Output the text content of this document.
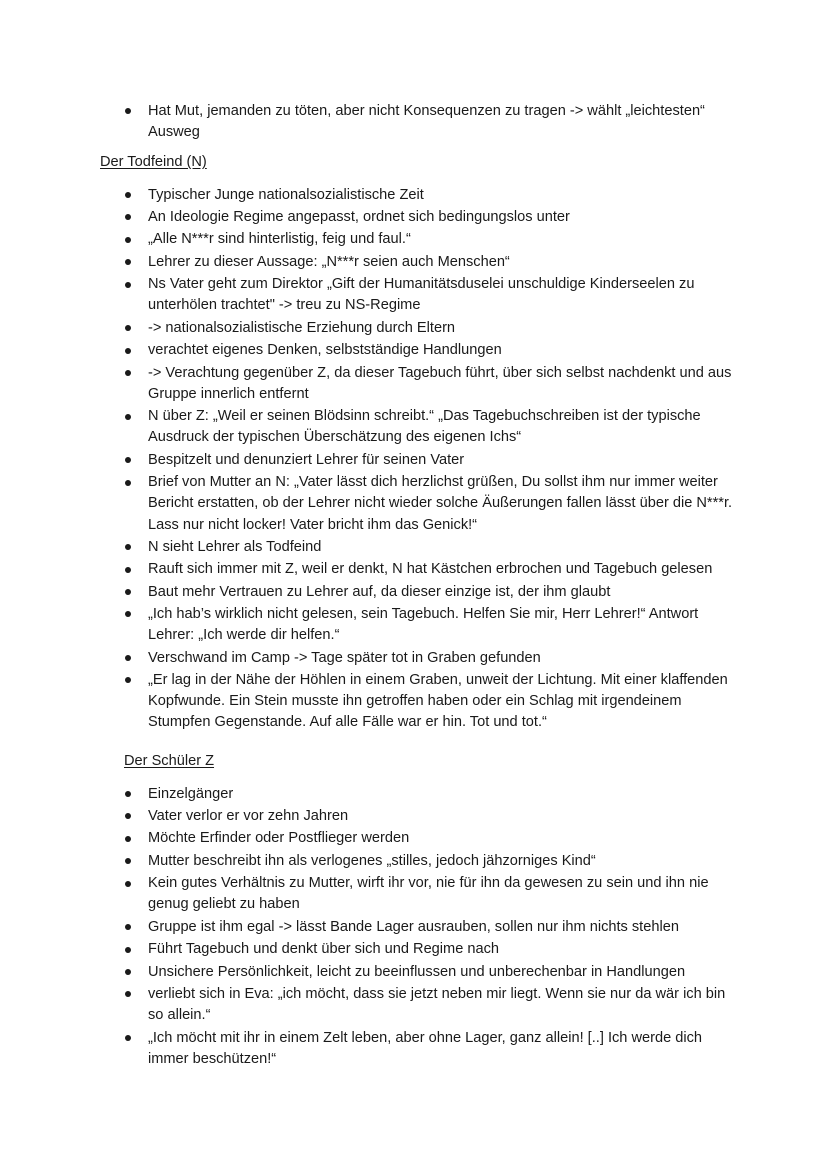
Hat Mut, jemanden zu töten, aber nicht Konsequenzen zu tragen -> wählt „leichtesten“ Ausweg

Der Todfeind (N)

Typischer Junge nationalsozialistische Zeit
An Ideologie Regime angepasst, ordnet sich bedingungslos unter
„Alle N***r sind hinterlistig, feig und faul.“
Lehrer zu dieser Aussage: „N***r seien auch Menschen“
Ns Vater geht zum Direktor „Gift der Humanitätsduselei unschuldige Kinderseelen zu unterhölen trachtet" -> treu zu NS-Regime
-> nationalsozialistische Erziehung durch Eltern
verachtet eigenes Denken, selbstständige Handlungen
-> Verachtung gegenüber Z, da dieser Tagebuch führt, über sich selbst nachdenkt und aus Gruppe innerlich entfernt
N über Z: „Weil er seinen Blödsinn schreibt.“ „Das Tagebuchschreiben ist der typische Ausdruck der typischen Überschätzung des eigenen Ichs“
Bespitzelt und denunziert Lehrer für seinen Vater
Brief von Mutter an N: „Vater lässt dich herzlichst grüßen, Du sollst ihm nur immer weiter Bericht erstatten, ob der Lehrer nicht wieder solche Äußerungen fallen lässt über die N***r. Lass nur nicht locker! Vater bricht ihm das Genick!“
N sieht Lehrer als Todfeind
Rauft sich immer mit Z, weil er denkt, N hat Kästchen erbrochen und Tagebuch gelesen
Baut mehr Vertrauen zu Lehrer auf, da dieser einzige ist, der ihm glaubt
„Ich hab’s wirklich nicht gelesen, sein Tagebuch. Helfen Sie mir, Herr Lehrer!“ Antwort Lehrer: „Ich werde dir helfen.“
Verschwand im Camp -> Tage später tot in Graben gefunden
„Er lag in der Nähe der Höhlen in einem Graben, unweit der Lichtung. Mit einer klaffenden Kopfwunde. Ein Stein musste ihn getroffen haben oder ein Schlag mit irgendeinem Stumpfen Gegenstande. Auf alle Fälle war er hin. Tot und tot.“

Der Schüler Z

Einzelgänger
Vater verlor er vor zehn Jahren
Möchte Erfinder oder Postflieger werden
Mutter beschreibt ihn als verlogenes „stilles, jedoch jähzorniges Kind“
Kein gutes Verhältnis zu Mutter, wirft ihr vor, nie für ihn da gewesen zu sein und ihn nie genug geliebt zu haben
Gruppe ist ihm egal -> lässt Bande Lager ausrauben, sollen nur ihm nichts stehlen
Führt Tagebuch und denkt über sich und Regime nach
Unsichere Persönlichkeit, leicht zu beeinflussen und unberechenbar in Handlungen
verliebt sich in Eva: „ich möcht, dass sie jetzt neben mir liegt. Wenn sie nur da wär ich bin so allein.“
„Ich möcht mit ihr in einem Zelt leben, aber ohne Lager, ganz allein! [..] Ich werde dich immer beschützen!“
